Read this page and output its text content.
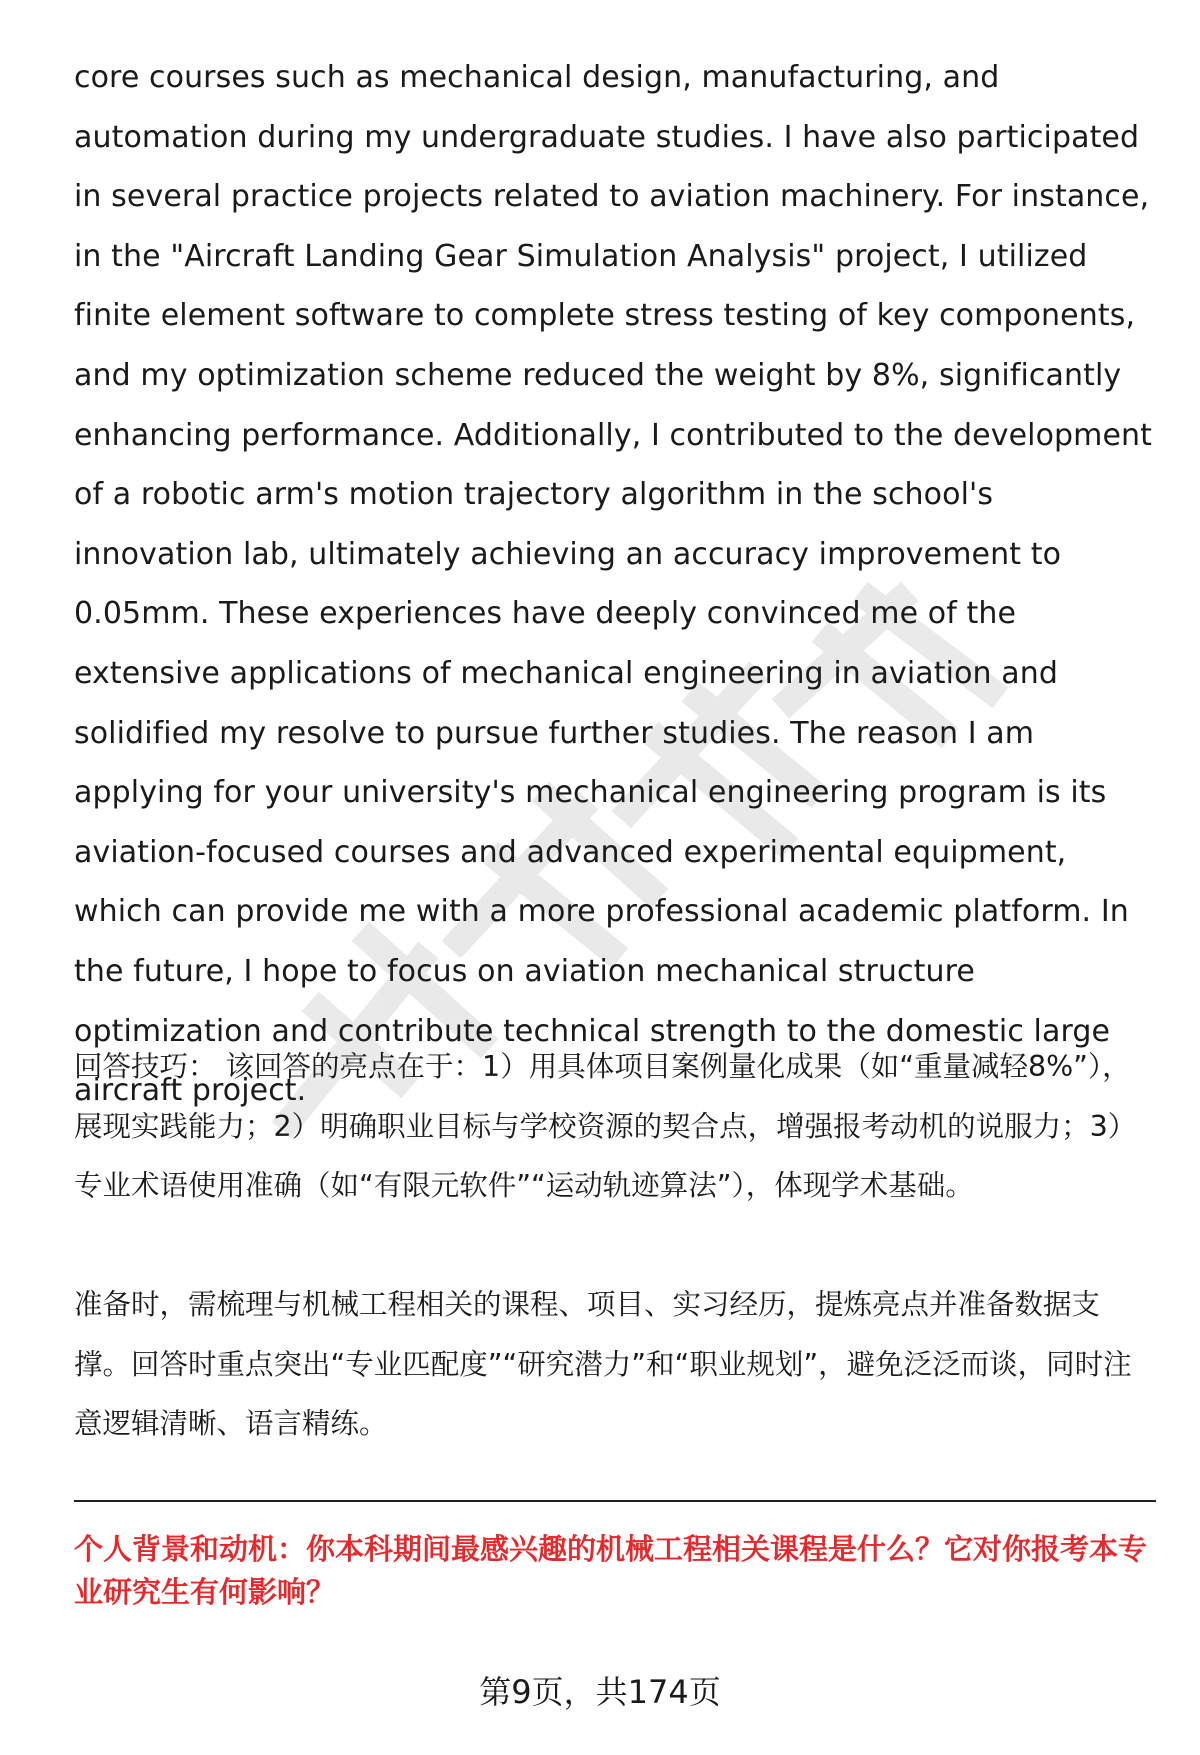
core courses such as mechanical design, manufacturing, and automation during my undergraduate studies. I have also participated in several practice projects related to aviation machinery. For instance, in the "Aircraft Landing Gear Simulation Analysis" project, I utilized finite element software to complete stress testing of key components, and my optimization scheme reduced the weight by 8%, significantly enhancing performance. Additionally, I contributed to the development of a robotic arm's motion trajectory algorithm in the school's innovation lab, ultimately achieving an accuracy improvement to 0.05mm. These experiences have deeply convinced me of the extensive applications of mechanical engineering in aviation and solidified my resolve to pursue further studies. The reason I am applying for your university's mechanical engineering program is its aviation-focused courses and advanced experimental equipment, which can provide me with a more professional academic platform. In the future, I hope to focus on aviation mechanical structure optimization and contribute technical strength to the domestic large aircraft project.

回答技巧： 该回答的亮点在于：1）用具体项目案例量化成果（如“重量减轻8%”），展现实践能力；2）明确职业目标与学校资源的契合点，增强报考动机的说服力；3）专业术语使用准确（如“有限元软件”“运动轨迹算法”），体现学术基础。

准备时，需梳理与机械工程相关的课程、项目、实习经历，提炼亮点并准备数据支撑。回答时重点突出“专业匹配度”“研究潜力”和“职业规划”，避免泛泛而谈，同时注意逻辑清晰、语言精练。

个人背景和动机：你本科期间最感兴趣的机械工程相关课程是什么？它对你报考本专业研究生有何影响？

第9页，共174页
